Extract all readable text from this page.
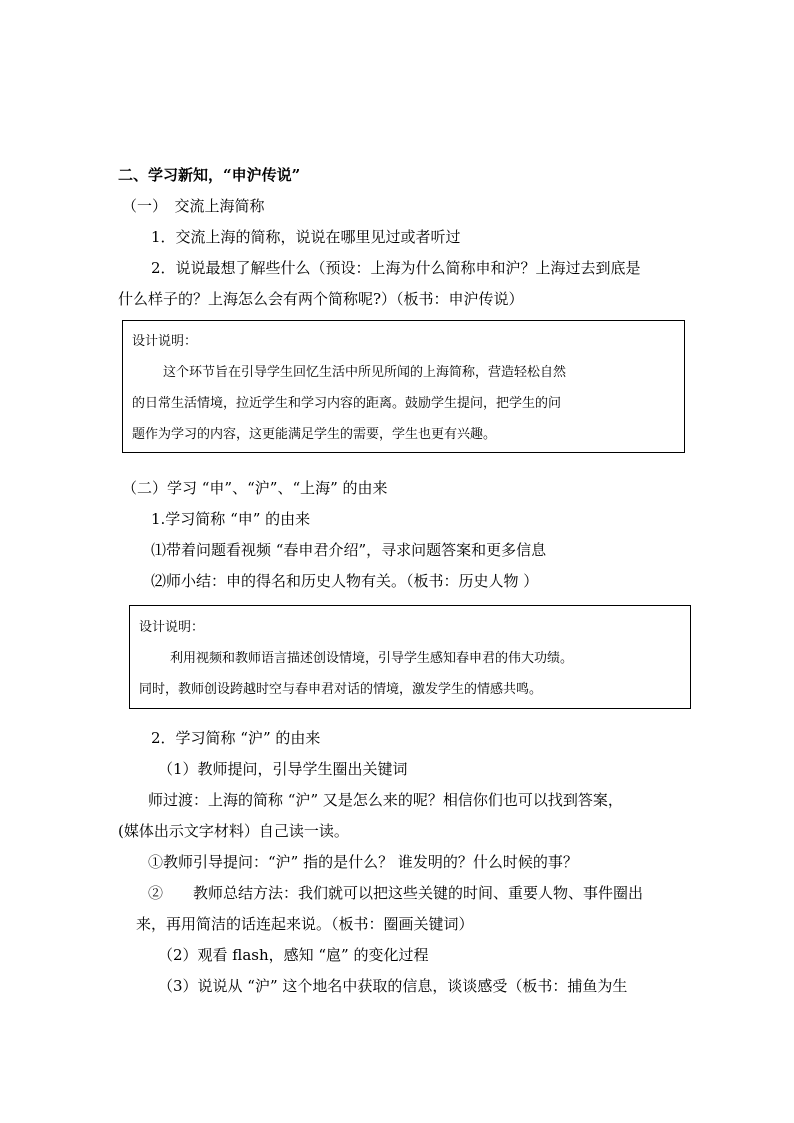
二、学习新知，“申沪传说”
（一）　交流上海简称
1．交流上海的简称，说说在哪里见过或者听过
2．说说最想了解些什么（预设：上海为什么简称申和沪？上海过去到底是
什么样子的？上海怎么会有两个简称呢?）（板书：申沪传说）
设计说明：
这个环节旨在引导学生回忆生活中所见所闻的上海简称，营造轻松自然
的日常生活情境，拉近学生和学习内容的距离。鼓励学生提问，把学生的问
题作为学习的内容，这更能满足学生的需要，学生也更有兴趣。
（二）学习 “申”、“沪”、“上海” 的由来
1.学习简称 “申” 的由来
⑴带着问题看视频 “春申君介绍”，寻求问题答案和更多信息
⑵师小结：申的得名和历史人物有关。（板书：历史人物 ）
设计说明：
利用视频和教师语言描述创设情境，引导学生感知春申君的伟大功绩。
同时，教师创设跨越时空与春申君对话的情境，激发学生的情感共鸣。
2．学习简称 “沪” 的由来
（1）教师提问，引导学生圈出关键词
师过渡：上海的简称 “沪” 又是怎么来的呢？相信你们也可以找到答案，
(媒体出示文字材料）自己读一读。
①教师引导提问：“沪” 指的是什么？ 谁发明的？什么时候的事？
②　　教师总结方法：我们就可以把这些关键的时间、重要人物、事件圈出
来，再用简洁的话连起来说。（板书：圈画关键词）
（2）观看 flash，感知 “扈” 的变化过程
（3）说说从 “沪” 这个地名中获取的信息，谈谈感受（板书：捕鱼为生
